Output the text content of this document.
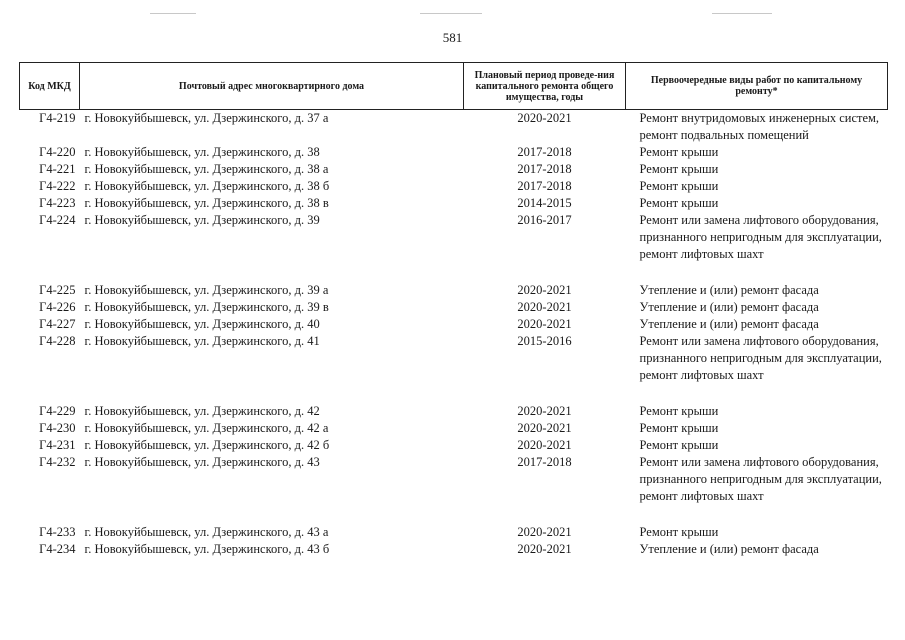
581
Код МКД	Почтовый адрес многоквартирного дома	Плановый период проведе-ния капитального ремонта общего имущества, годы	Первоочередные виды работ по капитальному ремонту*
Г4-219	г. Новокуйбышевск, ул. Дзержинского, д. 37 а	2020-2021	Ремонт внутридомовых инженерных систем,
ремонт подвальных помещений
Г4-220	г. Новокуйбышевск, ул. Дзержинского, д. 38	2017-2018	Ремонт крыши
Г4-221	г. Новокуйбышевск, ул. Дзержинского, д. 38 а	2017-2018	Ремонт крыши
Г4-222	г. Новокуйбышевск, ул. Дзержинского, д. 38 б	2017-2018	Ремонт крыши
Г4-223	г. Новокуйбышевск, ул. Дзержинского, д. 38 в	2014-2015	Ремонт крыши
Г4-224	г. Новокуйбышевск, ул. Дзержинского, д. 39	2016-2017	Ремонт или замена лифтового оборудования,
признанного непригодным для эксплуатации,
ремонт лифтовых шахт
Г4-225	г. Новокуйбышевск, ул. Дзержинского, д. 39 а	2020-2021	Утепление и (или) ремонт фасада
Г4-226	г. Новокуйбышевск, ул. Дзержинского, д. 39 в	2020-2021	Утепление и (или) ремонт фасада
Г4-227	г. Новокуйбышевск, ул. Дзержинского, д. 40	2020-2021	Утепление и (или) ремонт фасада
Г4-228	г. Новокуйбышевск, ул. Дзержинского, д. 41	2015-2016	Ремонт или замена лифтового оборудования,
признанного непригодным для эксплуатации,
ремонт лифтовых шахт
Г4-229	г. Новокуйбышевск, ул. Дзержинского, д. 42	2020-2021	Ремонт крыши
Г4-230	г. Новокуйбышевск, ул. Дзержинского, д. 42 а	2020-2021	Ремонт крыши
Г4-231	г. Новокуйбышевск, ул. Дзержинского, д. 42 б	2020-2021	Ремонт крыши
Г4-232	г. Новокуйбышевск, ул. Дзержинского, д. 43	2017-2018	Ремонт или замена лифтового оборудования,
признанного непригодным для эксплуатации,
ремонт лифтовых шахт
Г4-233	г. Новокуйбышевск, ул. Дзержинского, д. 43 а	2020-2021	Ремонт крыши
Г4-234	г. Новокуйбышевск, ул. Дзержинского, д. 43 б	2020-2021	Утепление и (или) ремонт фасада
